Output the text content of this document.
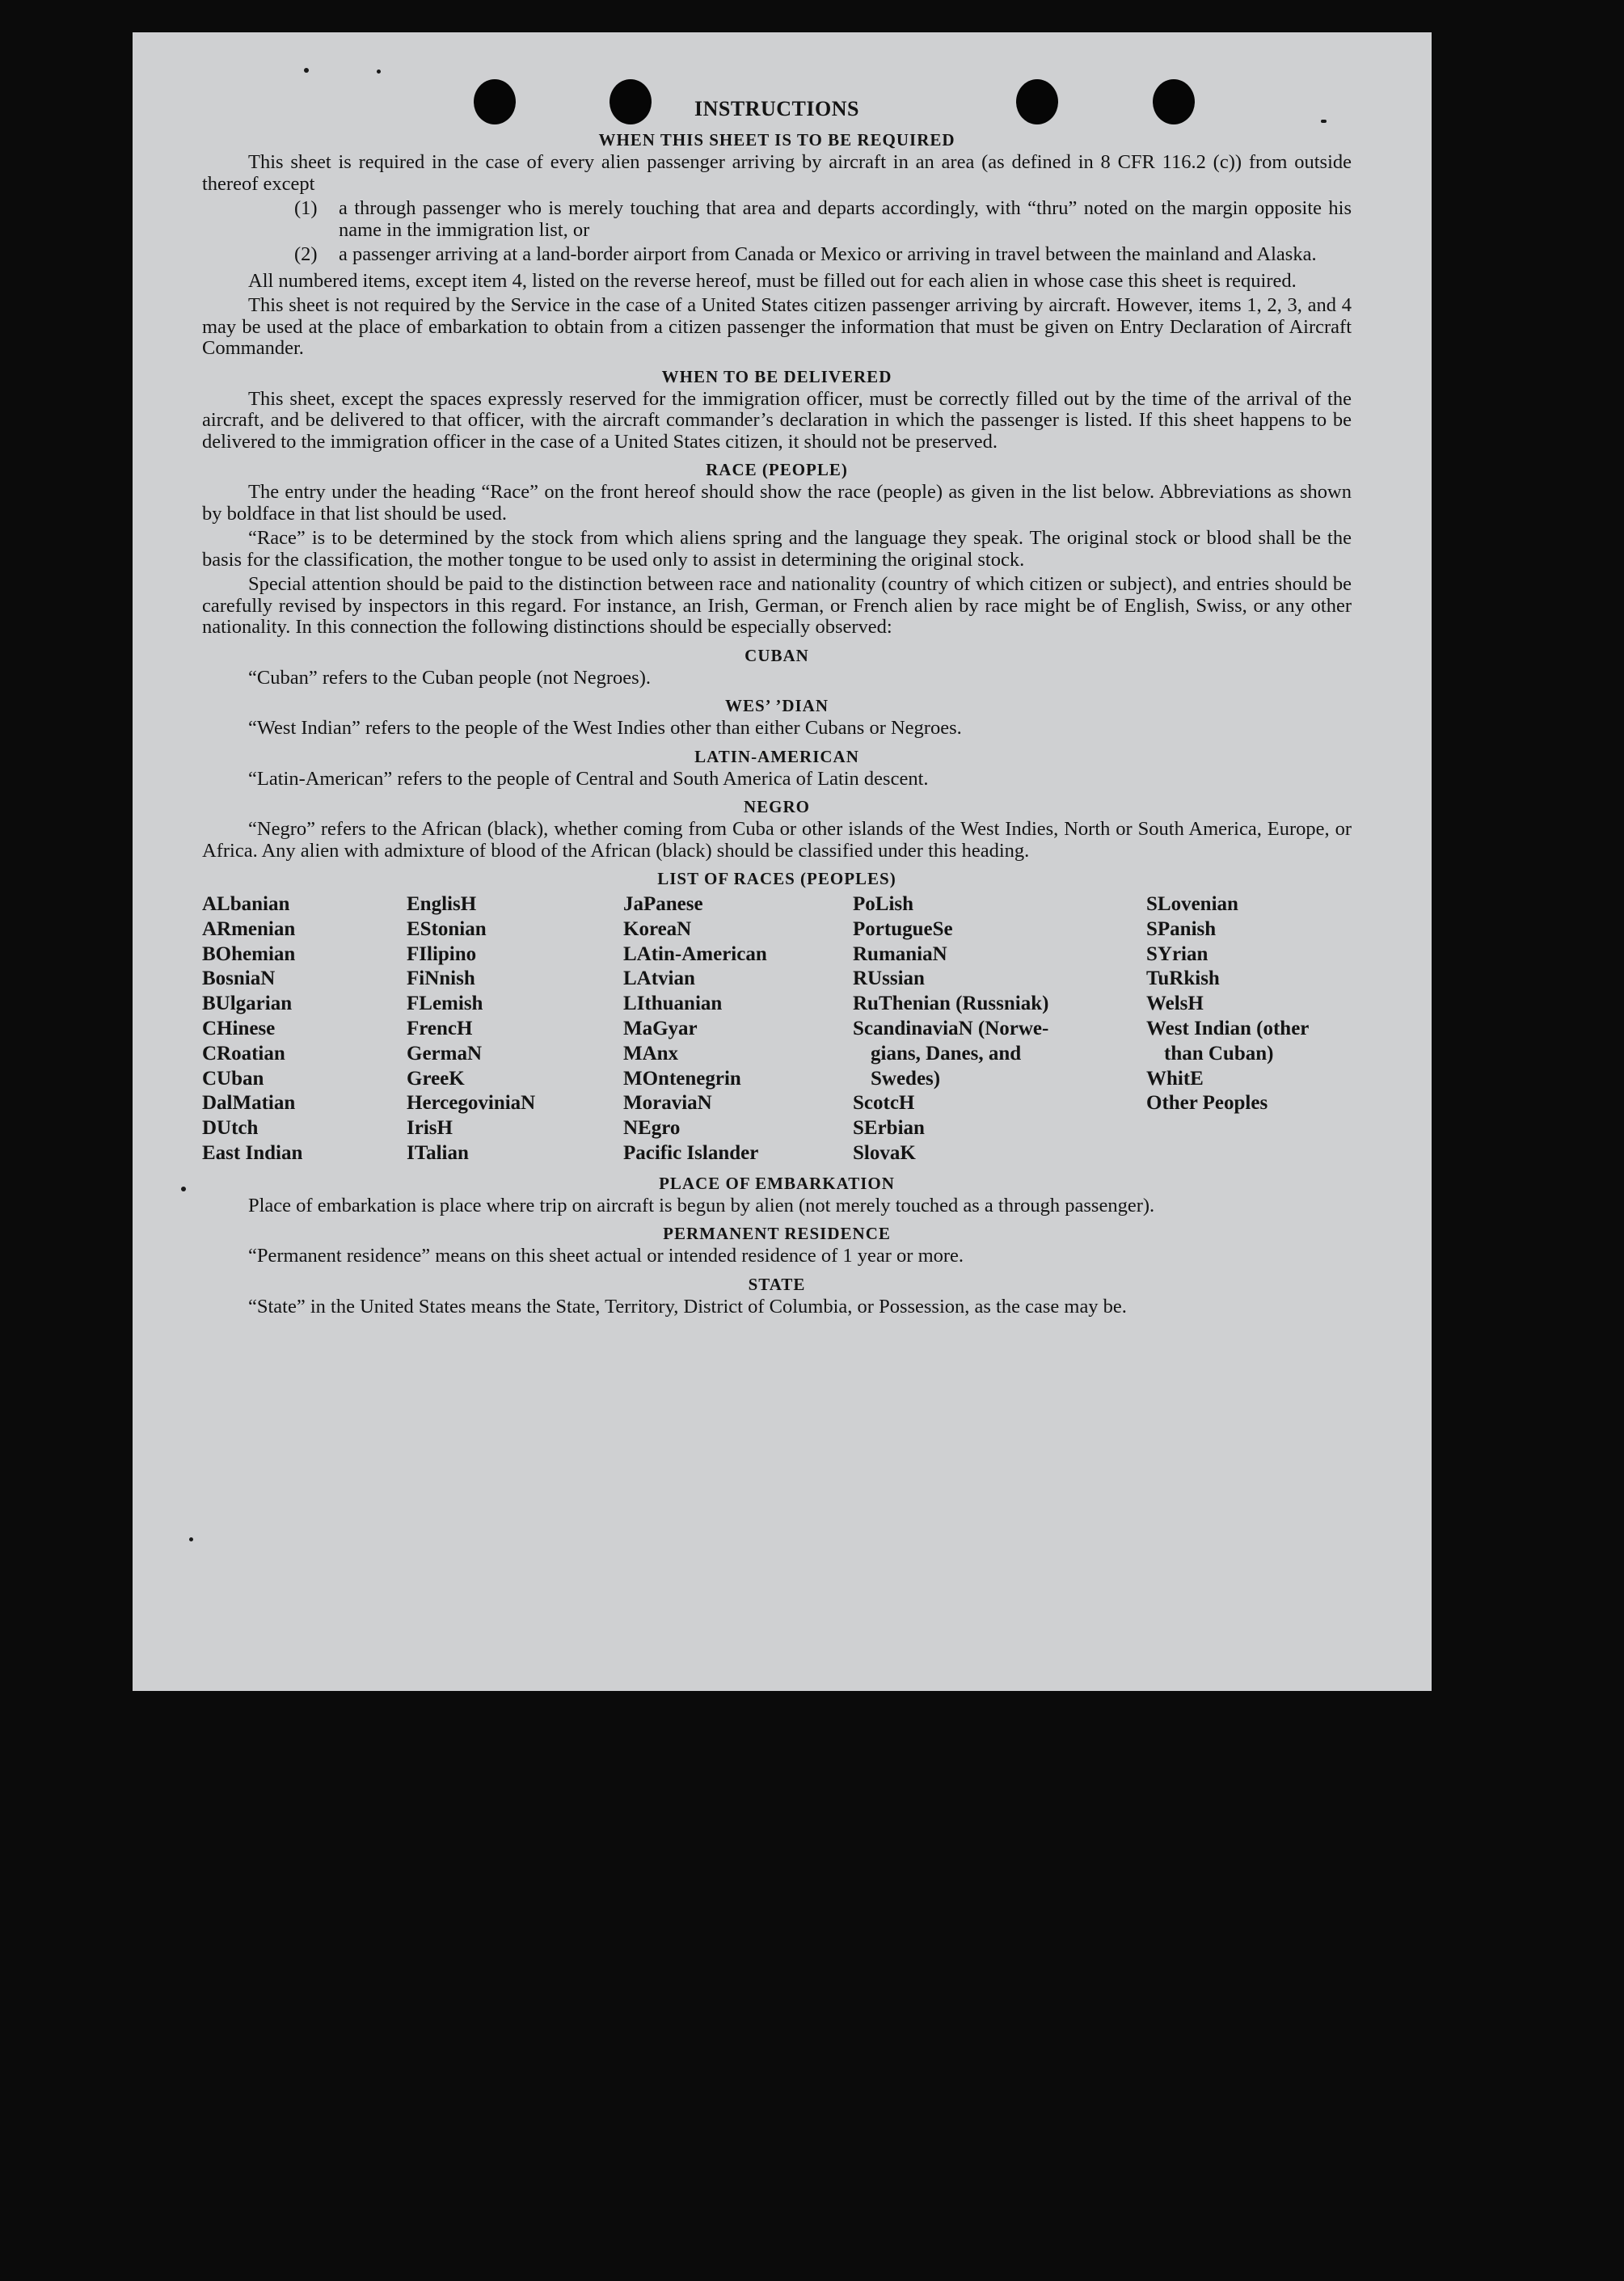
INSTRUCTIONS
WHEN THIS SHEET IS TO BE REQUIRED

This sheet is required in the case of every alien passenger arriving by aircraft in an area (as defined in 8 CFR 116.2 (c)) from outside thereof except

(1) a through passenger who is merely touching that area and departs accordingly, with “thru” noted on the margin opposite his name in the immigration list, or
(2) a passenger arriving at a land-border airport from Canada or Mexico or arriving in travel between the mainland and Alaska.

All numbered items, except item 4, listed on the reverse hereof, must be filled out for each alien in whose case this sheet is required.

This sheet is not required by the Service in the case of a United States citizen passenger arriving by aircraft. However, items 1, 2, 3, and 4 may be used at the place of embarkation to obtain from a citizen passenger the information that must be given on Entry Declaration of Aircraft Commander.

WHEN TO BE DELIVERED

This sheet, except the spaces expressly reserved for the immigration officer, must be correctly filled out by the time of the arrival of the aircraft, and be delivered to that officer, with the aircraft commander’s declaration in which the passenger is listed. If this sheet happens to be delivered to the immigration officer in the case of a United States citizen, it should not be preserved.

RACE (PEOPLE)

The entry under the heading “Race” on the front hereof should show the race (people) as given in the list below. Abbreviations as shown by boldface in that list should be used.

“Race” is to be determined by the stock from which aliens spring and the language they speak. The original stock or blood shall be the basis for the classification, the mother tongue to be used only to assist in determining the original stock.

Special attention should be paid to the distinction between race and nationality (country of which citizen or subject), and entries should be carefully revised by inspectors in this regard. For instance, an Irish, German, or French alien by race might be of English, Swiss, or any other nationality. In this connection the following distinctions should be especially observed:

CUBAN

“Cuban” refers to the Cuban people (not Negroes).

WES’ ’DIAN

“West Indian” refers to the people of the West Indies other than either Cubans or Negroes.

LATIN-AMERICAN

“Latin-American” refers to the people of Central and South America of Latin descent.

NEGRO

“Negro” refers to the African (black), whether coming from Cuba or other islands of the West Indies, North or South America, Europe, or Africa. Any alien with admixture of blood of the African (black) should be classified under this heading.

LIST OF RACES (PEOPLES)
ALbanian
ARmenian
BOhemian
BosniaN
BUlgarian
CHinese
CRoatian
CUban
DalMatian
DUtch
East Indian
EnglisH
EStonian
FIlipino
FiNnish
FLemish
FrencH
GermaN
GreeK
HercegoviniaN
IrisH
ITalian
JaPanese
KoreaN
LAtin-American
LAtvian
LIthuanian
MaGyar
MAnx
MOntenegrin
MoraviaN
NEgro
Pacific Islander
PoLish
PortugueSe
RumaniaN
RUssian
RuThenian (Russniak)
ScandinaviaN (Norwe-
gians, Danes, and
Swedes)
ScotcH
SErbian
SlovaK
SLovenian
SPanish
SYrian
TuRkish
WelsH
West Indian (other
than Cuban)
WhitE
Other Peoples
PLACE OF EMBARKATION

Place of embarkation is place where trip on aircraft is begun by alien (not merely touched as a through passenger).

PERMANENT RESIDENCE

“Permanent residence” means on this sheet actual or intended residence of 1 year or more.

STATE

“State” in the United States means the State, Territory, District of Columbia, or Possession, as the case may be.
